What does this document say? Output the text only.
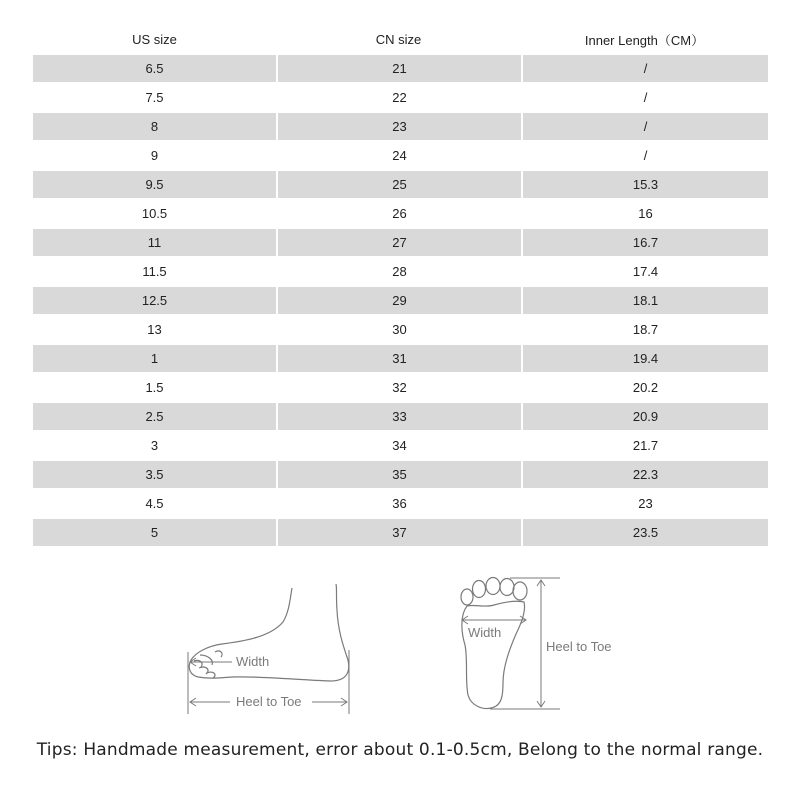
US size	CN size	Inner Length（CM）
6.5	21	/
7.5	22	/
8	23	/
9	24	/
9.5	25	15.3
10.5	26	16
11	27	16.7
11.5	28	17.4
12.5	29	18.1
13	30	18.7
1	31	19.4
1.5	32	20.2
2.5	33	20.9
3	34	21.7
3.5	35	22.3
4.5	36	23
5	37	23.5
Width
Heel to Toe
Width
Heel to Toe
Tips: Handmade measurement, error about 0.1-0.5cm, Belong to the normal range.
